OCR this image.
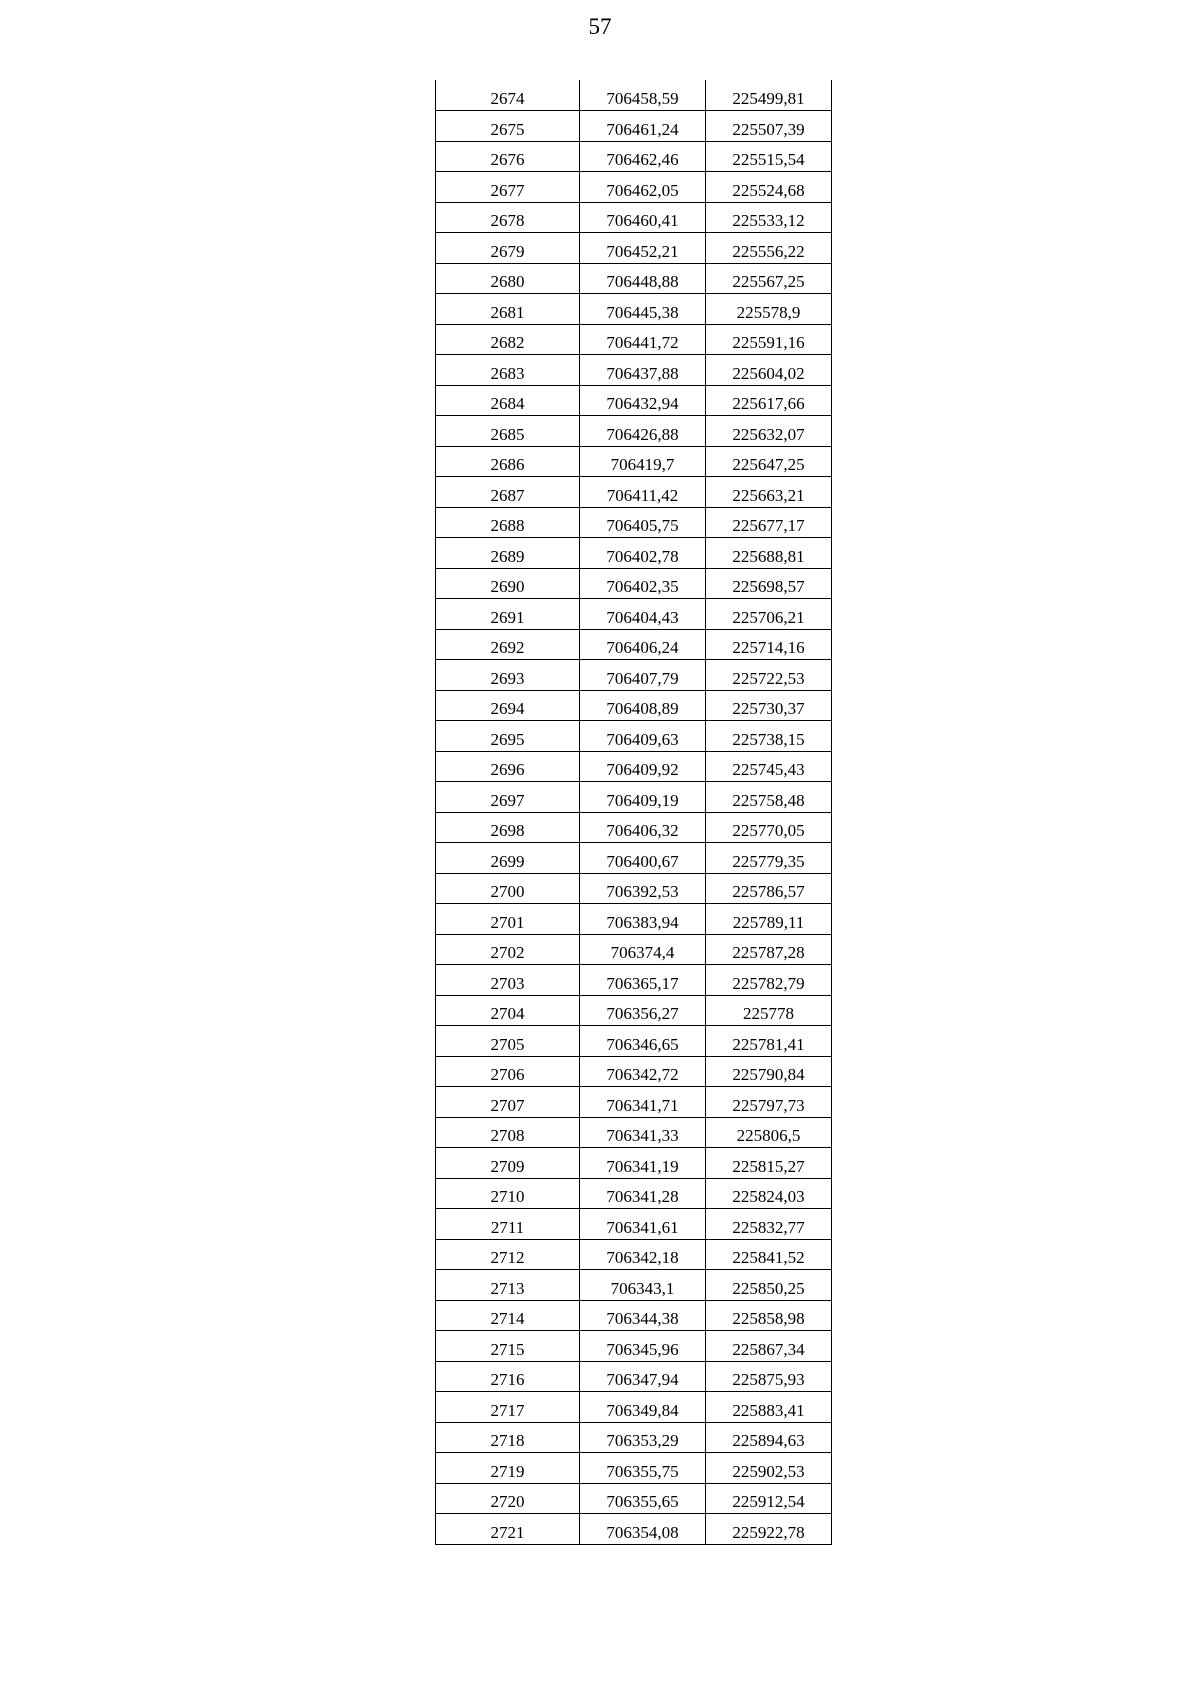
57
2674	706458,59	225499,81
2675	706461,24	225507,39
2676	706462,46	225515,54
2677	706462,05	225524,68
2678	706460,41	225533,12
2679	706452,21	225556,22
2680	706448,88	225567,25
2681	706445,38	225578,9
2682	706441,72	225591,16
2683	706437,88	225604,02
2684	706432,94	225617,66
2685	706426,88	225632,07
2686	706419,7	225647,25
2687	706411,42	225663,21
2688	706405,75	225677,17
2689	706402,78	225688,81
2690	706402,35	225698,57
2691	706404,43	225706,21
2692	706406,24	225714,16
2693	706407,79	225722,53
2694	706408,89	225730,37
2695	706409,63	225738,15
2696	706409,92	225745,43
2697	706409,19	225758,48
2698	706406,32	225770,05
2699	706400,67	225779,35
2700	706392,53	225786,57
2701	706383,94	225789,11
2702	706374,4	225787,28
2703	706365,17	225782,79
2704	706356,27	225778
2705	706346,65	225781,41
2706	706342,72	225790,84
2707	706341,71	225797,73
2708	706341,33	225806,5
2709	706341,19	225815,27
2710	706341,28	225824,03
2711	706341,61	225832,77
2712	706342,18	225841,52
2713	706343,1	225850,25
2714	706344,38	225858,98
2715	706345,96	225867,34
2716	706347,94	225875,93
2717	706349,84	225883,41
2718	706353,29	225894,63
2719	706355,75	225902,53
2720	706355,65	225912,54
2721	706354,08	225922,78
